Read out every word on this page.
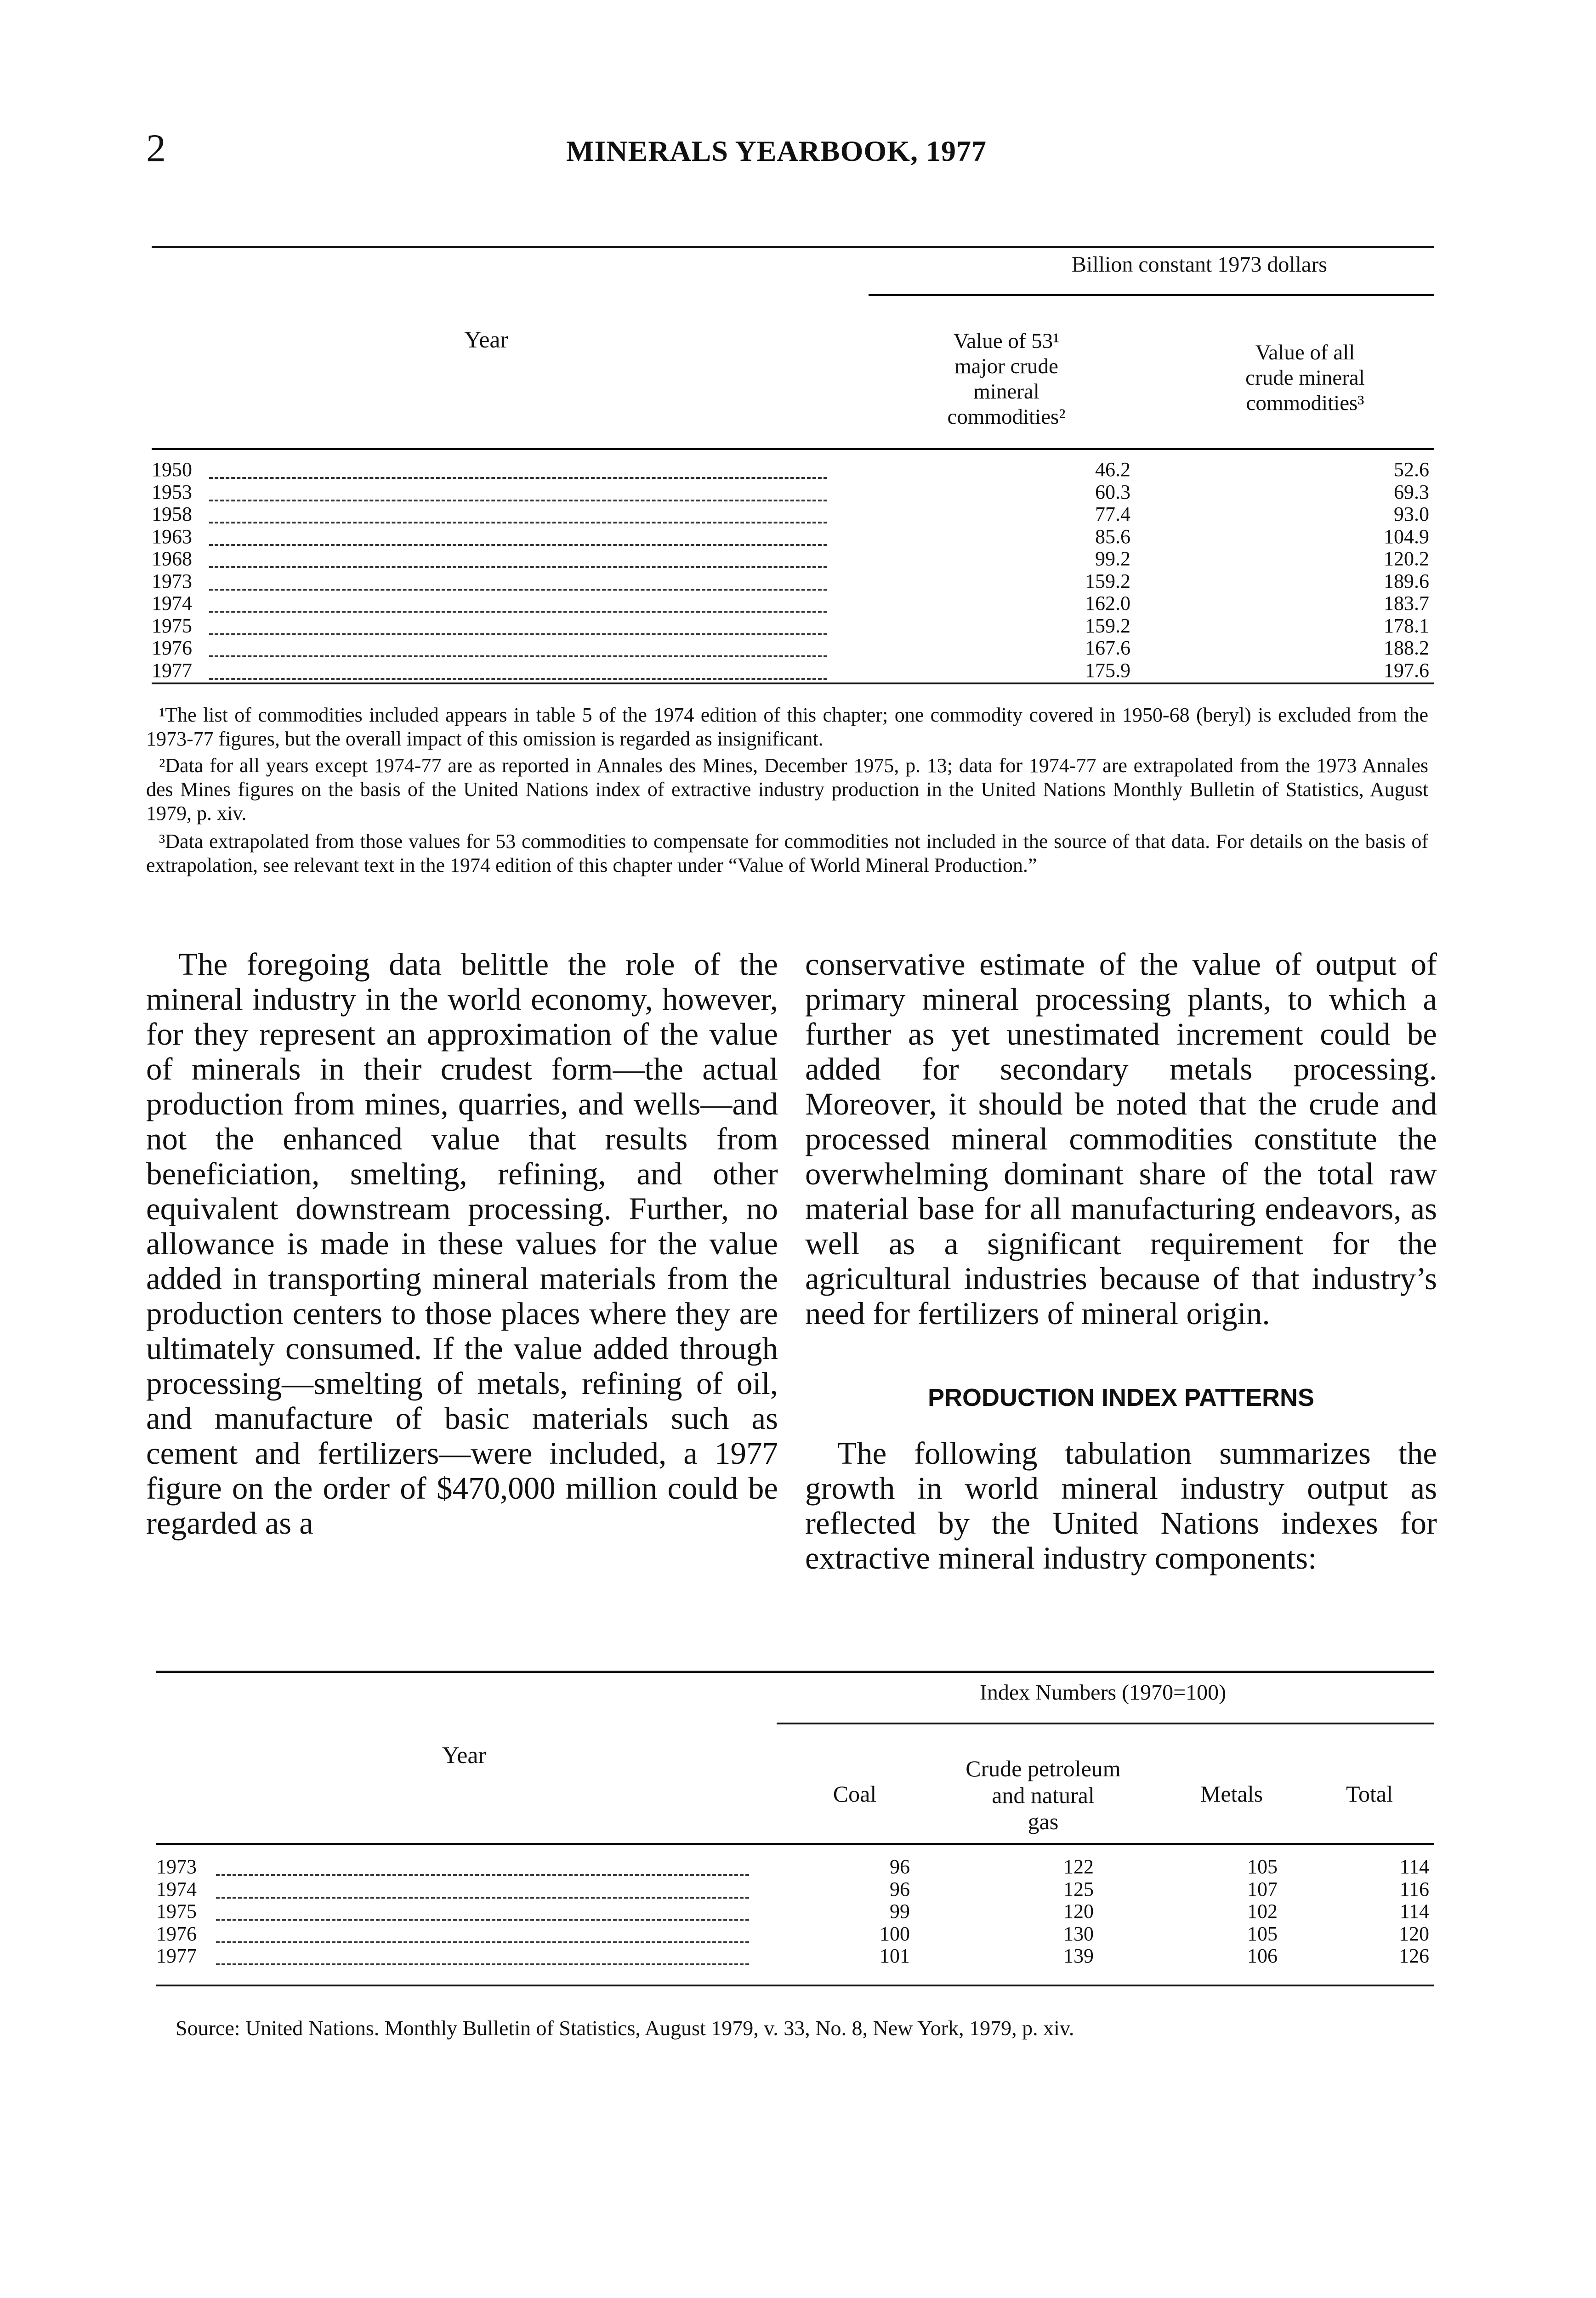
2	MINERALS YEARBOOK, 1977
Billion constant 1973 dollars
Year	Value of 53¹
major crude
mineral
commodities²
Value of all
crude mineral
commodities³
1950	46.2	52.6
1953	60.3	69.3
1958	77.4	93.0
1963	85.6	104.9
1968	99.2	120.2
1973	159.2	189.6
1974	162.0	183.7
1975	159.2	178.1
1976	167.6	188.2
1977	175.9	197.6
¹The list of commodities included appears in table 5 of the 1974 edition of this chapter; one commodity covered in 1950-68 (beryl) is excluded from the 1973-77 figures, but the overall impact of this omission is regarded as insignificant.
²Data for all years except 1974-77 are as reported in Annales des Mines, December 1975, p. 13; data for 1974-77 are extrapolated from the 1973 Annales des Mines figures on the basis of the United Nations index of extractive industry production in the United Nations Monthly Bulletin of Statistics, August 1979, p. xiv.
³Data extrapolated from those values for 53 commodities to compensate for commodities not included in the source of that data. For details on the basis of extrapolation, see relevant text in the 1974 edition of this chapter under “Value of World Mineral Production.”
The foregoing data belittle the role of the mineral industry in the world economy, however, for they represent an approximation of the value of minerals in their crudest form—the actual production from mines, quarries, and wells—and not the enhanced value that results from beneficiation, smelting, refining, and other equivalent downstream processing. Further, no allowance is made in these values for the value added in transporting mineral materials from the production centers to those places where they are ultimately consumed. If the value added through processing—smelting of metals, refining of oil, and manufacture of basic materials such as cement and fertilizers—were included, a 1977 figure on the order of $470,000 million could be regarded as a
conservative estimate of the value of output of primary mineral processing plants, to which a further as yet unestimated increment could be added for secondary metals processing. Moreover, it should be noted that the crude and processed mineral commodities constitute the overwhelming dominant share of the total raw material base for all manufacturing endeavors, as well as a significant requirement for the agricultural industries because of that industry’s need for fertilizers of mineral origin.
PRODUCTION INDEX PATTERNS
The following tabulation summarizes the growth in world mineral industry output as reflected by the United Nations indexes for extractive mineral industry components:
Index Numbers (1970=100)
Year
Coal
Crude petroleum
and natural
gas
Metals	Total
1973	96	122	105	114
1974	96	125	107	116
1975	99	120	102	114
1976	100	130	105	120
1977	101	139	106	126
Source: United Nations. Monthly Bulletin of Statistics, August 1979, v. 33, No. 8, New York, 1979, p. xiv.
